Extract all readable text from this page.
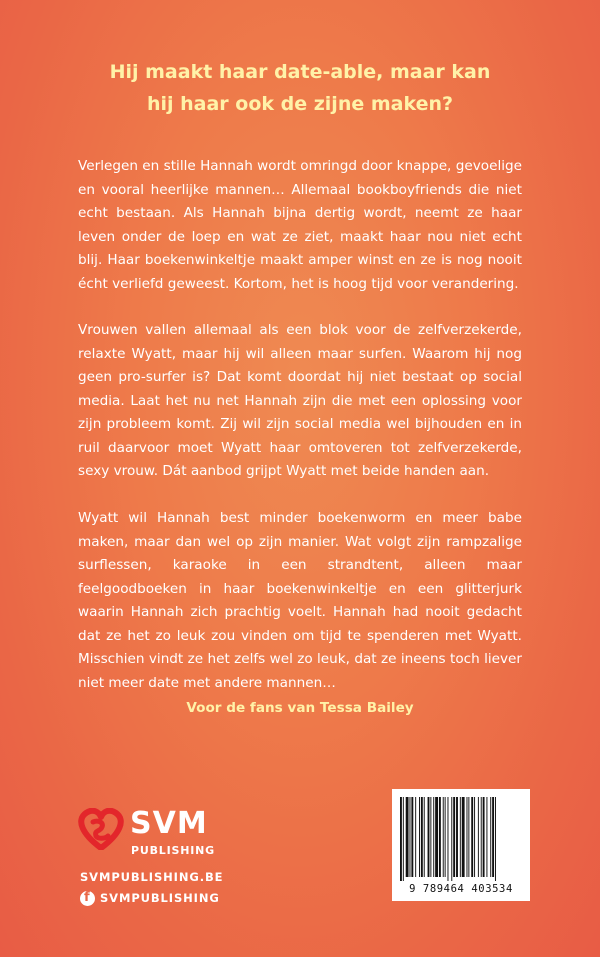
Hij maakt haar date-able, maar kan
hij haar ook de zijne maken?

Verlegen en stille Hannah wordt omringd door knappe, gevoelige en vooral heerlijke mannen… Allemaal bookboyfriends die niet echt bestaan. Als Hannah bijna dertig wordt, neemt ze haar leven onder de loep en wat ze ziet, maakt haar nou niet echt blij. Haar boekenwinkeltje maakt amper winst en ze is nog nooit écht verliefd geweest. Kortom, het is hoog tijd voor verandering.

Vrouwen vallen allemaal als een blok voor de zelfverzekerde, relaxte Wyatt, maar hij wil alleen maar surfen. Waarom hij nog geen pro-surfer is? Dat komt doordat hij niet bestaat op social media. Laat het nu net Hannah zijn die met een oplossing voor zijn probleem komt. Zij wil zijn social media wel bijhouden en in ruil daarvoor moet Wyatt haar omtoveren tot zelfverzekerde, sexy vrouw. Dát aanbod grijpt Wyatt met beide handen aan.

Wyatt wil Hannah best minder boekenworm en meer babe maken, maar dan wel op zijn manier. Wat volgt zijn rampzalige surflessen, karaoke in een strandtent, alleen maar feelgoodboeken in haar boekenwinkeltje en een glitterjurk waarin Hannah zich prachtig voelt. Hannah had nooit gedacht dat ze het zo leuk zou vinden om tijd te spenderen met Wyatt. Misschien vindt ze het zelfs wel zo leuk, dat ze ineens toch liever niet meer date met andere mannen…

Voor de fans van Tessa Bailey
SVM
PUBLISHING
SVMPUBLISHING.BE
f SVMPUBLISHING
9 789464 403534
